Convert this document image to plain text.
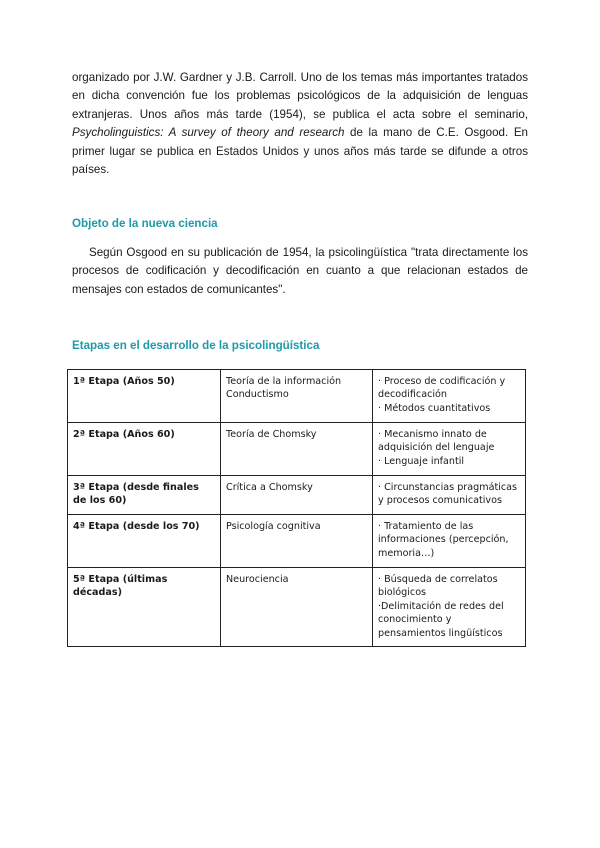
organizado por J.W. Gardner y J.B. Carroll. Uno de los temas más importantes tratados en dicha convención fue los problemas psicológicos de la adquisición de lenguas extranjeras. Unos años más tarde (1954), se publica el acta sobre el seminario, Psycholinguistics: A survey of theory and research de la mano de C.E. Osgood. En primer lugar se publica en Estados Unidos y unos años más tarde se difunde a otros países.

Objeto de la nueva ciencia

Según Osgood en su publicación de 1954, la psicolingüística "trata directamente los procesos de codificación y decodificación en cuanto a que relacionan estados de mensajes con estados de comunicantes".

Etapas en el desarrollo de la psicolingüística
1ª Etapa (Años 50)	Teoría de la información Conductismo	· Proceso de codificación y decodificación
· Métodos cuantitativos

2ª Etapa (Años 60)	Teoría de Chomsky	· Mecanismo innato de adquisición del lenguaje
· Lenguaje infantil

3ª Etapa (desde finales de los 60)	Crítica a Chomsky	· Circunstancias pragmáticas y procesos comunicativos

4ª Etapa (desde los 70)	Psicología cognitiva	· Tratamiento de las informaciones (percepción, memoria…)

5ª Etapa (últimas décadas)	Neurociencia	· Búsqueda de correlatos biológicos
·Delimitación de redes del conocimiento y pensamientos lingüísticos
